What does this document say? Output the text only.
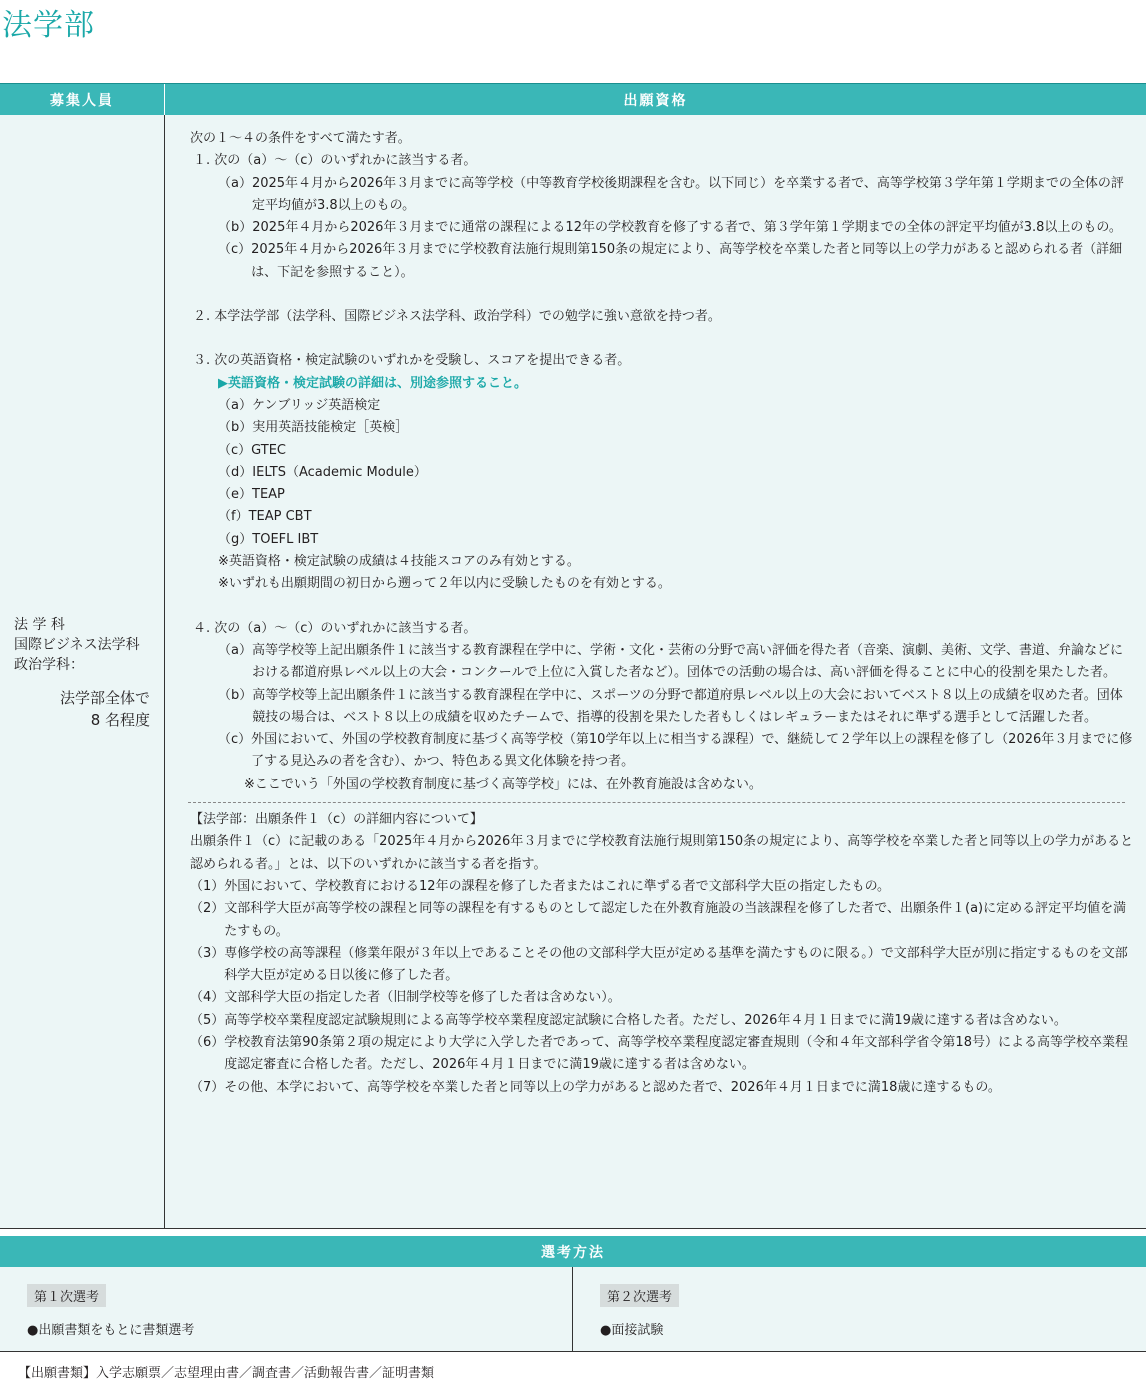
法学部
募集人員	出願資格
法 学 科
国際ビジネス法学科
政治学科：
法学部全体で
8 名程度

次の１～４の条件をすべて満たす者。

１. 次の（a）～（c）のいずれかに該当する者。

（a） 2025年４月から2026年３月までに高等学校（中等教育学校後期課程を含む。以下同じ）を卒業する者で、高等学校第３学年第１学期までの全体の評定平均値が3.8以上のもの。
（b） 2025年４月から2026年３月までに通常の課程による12年の学校教育を修了する者で、第３学年第１学期までの全体の評定平均値が3.8以上のもの。
（c） 2025年４月から2026年３月までに学校教育法施行規則第150条の規定により、高等学校を卒業した者と同等以上の学力があると認められる者（詳細は、下記を参照すること）。

２. 本学法学部（法学科、国際ビジネス法学科、政治学科）での勉学に強い意欲を持つ者。

３. 次の英語資格・検定試験のいずれかを受験し、スコアを提出できる者。

▶英語資格・検定試験の詳細は、別途参照すること。
（a） ケンブリッジ英語検定
（b） 実用英語技能検定［英検］
（c） GTEC
（d） IELTS（Academic Module）
（e） TEAP
（f） TEAP CBT
（g） TOEFL IBT
※英語資格・検定試験の成績は４技能スコアのみ有効とする。
※いずれも出願期間の初日から遡って２年以内に受験したものを有効とする。

４. 次の（a）～（c）のいずれかに該当する者。

（a） 高等学校等上記出願条件１に該当する教育課程在学中に、学術・文化・芸術の分野で高い評価を得た者（音楽、演劇、美術、文学、書道、弁論などにおける都道府県レベル以上の大会・コンクールで上位に入賞した者など）。団体での活動の場合は、高い評価を得ることに中心的役割を果たした者。
（b） 高等学校等上記出願条件１に該当する教育課程在学中に、スポーツの分野で都道府県レベル以上の大会においてベスト８以上の成績を収めた者。団体競技の場合は、ベスト８以上の成績を収めたチームで、指導的役割を果たした者もしくはレギュラーまたはそれに準ずる選手として活躍した者。
（c） 外国において、外国の学校教育制度に基づく高等学校（第10学年以上に相当する課程）で、継続して２学年以上の課程を修了し（2026年３月までに修了する見込みの者を含む）、かつ、特色ある異文化体験を持つ者。
※ここでいう「外国の学校教育制度に基づく高等学校」には、在外教育施設は含めない。

【法学部：出願条件１（c）の詳細内容について】

出願条件１（c）に記載のある「2025年４月から2026年３月までに学校教育法施行規則第150条の規定により、高等学校を卒業した者と同等以上の学力があると認められる者。」とは、以下のいずれかに該当する者を指す。
（1） 外国において、学校教育における12年の課程を修了した者またはこれに準ずる者で文部科学大臣の指定したもの。
（2） 文部科学大臣が高等学校の課程と同等の課程を有するものとして認定した在外教育施設の当該課程を修了した者で、出願条件１(a)に定める評定平均値を満たすもの。
（3） 専修学校の高等課程（修業年限が３年以上であることその他の文部科学大臣が定める基準を満たすものに限る。）で文部科学大臣が別に指定するものを文部科学大臣が定める日以後に修了した者。
（4） 文部科学大臣の指定した者（旧制学校等を修了した者は含めない）。
（5） 高等学校卒業程度認定試験規則による高等学校卒業程度認定試験に合格した者。ただし、2026年４月１日までに満19歳に達する者は含めない。
（6） 学校教育法第90条第２項の規定により大学に入学した者であって、高等学校卒業程度認定審査規則（令和４年文部科学省令第18号）による高等学校卒業程度認定審査に合格した者。ただし、2026年４月１日までに満19歳に達する者は含めない。
（7） その他、本学において、高等学校を卒業した者と同等以上の学力があると認めた者で、2026年４月１日までに満18歳に達するもの。
選考方法
第１次選考
●出願書類をもとに書類選考
第２次選考
●面接試験
【出願書類】入学志願票／志望理由書／調査書／活動報告書／証明書類
